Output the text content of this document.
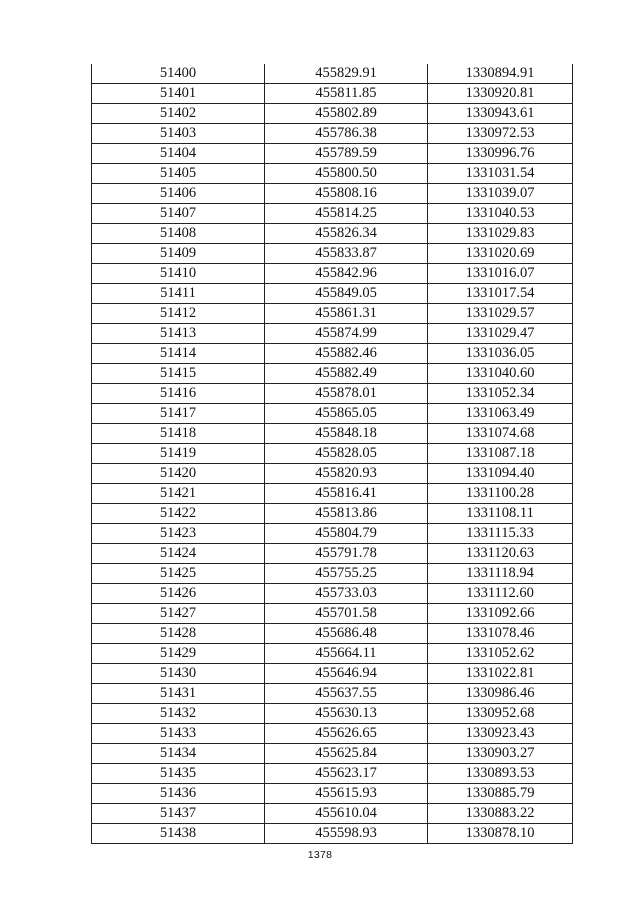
51400	455829.91	1330894.91
51401	455811.85	1330920.81
51402	455802.89	1330943.61
51403	455786.38	1330972.53
51404	455789.59	1330996.76
51405	455800.50	1331031.54
51406	455808.16	1331039.07
51407	455814.25	1331040.53
51408	455826.34	1331029.83
51409	455833.87	1331020.69
51410	455842.96	1331016.07
51411	455849.05	1331017.54
51412	455861.31	1331029.57
51413	455874.99	1331029.47
51414	455882.46	1331036.05
51415	455882.49	1331040.60
51416	455878.01	1331052.34
51417	455865.05	1331063.49
51418	455848.18	1331074.68
51419	455828.05	1331087.18
51420	455820.93	1331094.40
51421	455816.41	1331100.28
51422	455813.86	1331108.11
51423	455804.79	1331115.33
51424	455791.78	1331120.63
51425	455755.25	1331118.94
51426	455733.03	1331112.60
51427	455701.58	1331092.66
51428	455686.48	1331078.46
51429	455664.11	1331052.62
51430	455646.94	1331022.81
51431	455637.55	1330986.46
51432	455630.13	1330952.68
51433	455626.65	1330923.43
51434	455625.84	1330903.27
51435	455623.17	1330893.53
51436	455615.93	1330885.79
51437	455610.04	1330883.22
51438	455598.93	1330878.10
1378
